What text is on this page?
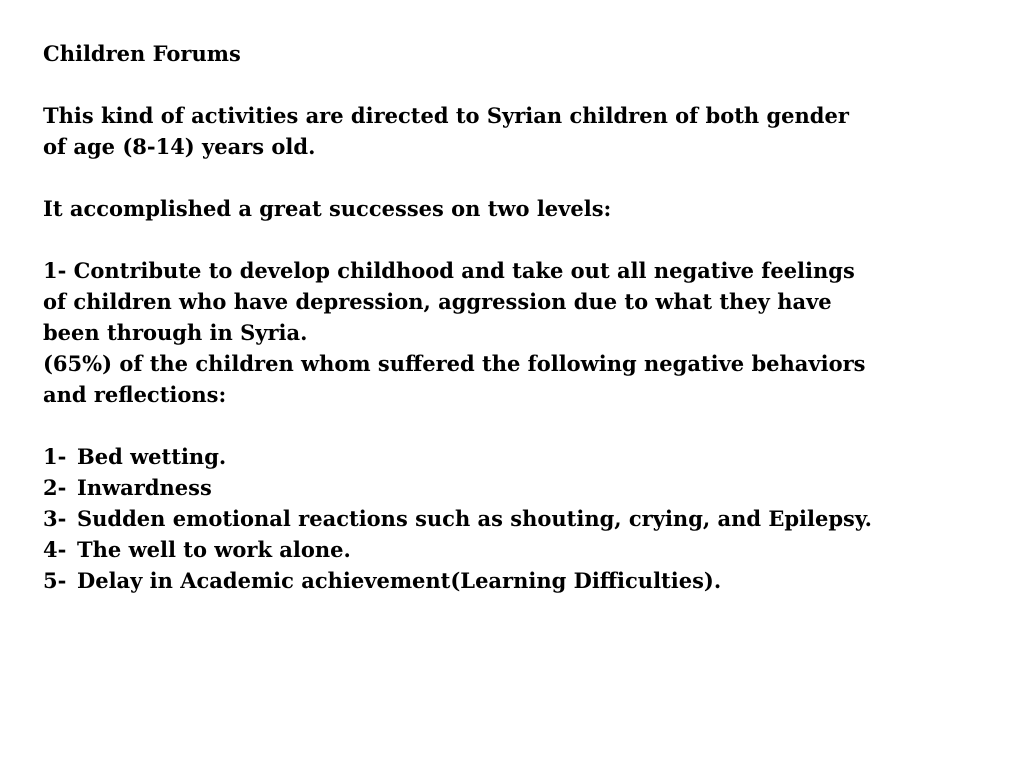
Children Forums
This kind of activities are directed to Syrian children of both gender
of age (8-14) years old.
It accomplished a great successes on two levels:
1- Contribute to develop childhood and take out all negative feelings
of children who have depression, aggression due to what they have
been through in Syria.
(65%) of the children whom suffered the following negative behaviors
and reflections:
1- Bed wetting.
2- Inwardness
3- Sudden emotional reactions such as shouting, crying, and Epilepsy.
4- The well to work alone.
5- Delay in Academic achievement(Learning Difficulties).
